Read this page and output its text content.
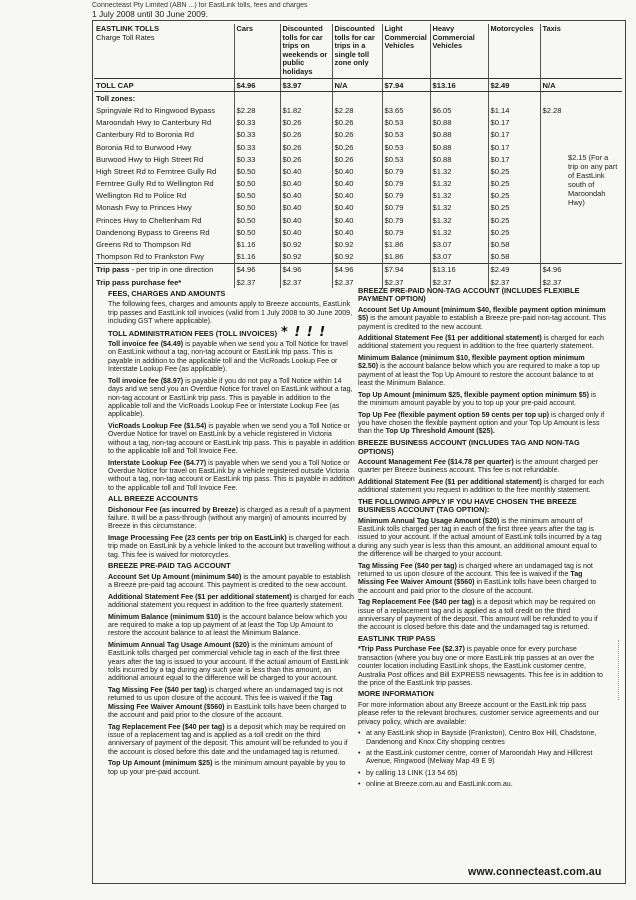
Connecteast Pty Limited (ABN ...) for EastLink tolls, fees and charges
1 July 2008 until 30 June 2009.
EASTLINK TOLLS
Charge Toll Rates	Cars	Discounted tolls for car trips on weekends or public holidays	Discounted tolls for car trips in a single toll zone only	Light Commercial Vehicles	Heavy Commercial Vehicles	Motorcycles	Taxis
TOLL CAP	$4.96	$3.97	N/A	$7.94	$13.16	$2.49	N/A
Toll zones:							
Springvale Rd to Ringwood Bypass	$2.28	$1.82	$2.28	$3.65	$6.05	$1.14	$2.28
Maroondah Hwy to Canterbury Rd	$0.33	$0.26	$0.26	$0.53	$0.88	$0.17	
Canterbury Rd to Boronia Rd	$0.33	$0.26	$0.26	$0.53	$0.88	$0.17	
Boronia Rd to Burwood Hwy	$0.33	$0.26	$0.26	$0.53	$0.88	$0.17	
Burwood Hwy to High Street Rd	$0.33	$0.26	$0.26	$0.53	$0.88	$0.17	
High Street Rd to Ferntree Gully Rd	$0.50	$0.40	$0.40	$0.79	$1.32	$0.25	
Ferntree Gully Rd to Wellington Rd	$0.50	$0.40	$0.40	$0.79	$1.32	$0.25	
Wellington Rd to Police Rd	$0.50	$0.40	$0.40	$0.79	$1.32	$0.25	
Monash Fwy to Princes Hwy	$0.50	$0.40	$0.40	$0.79	$1.32	$0.25	
Princes Hwy to Cheltenham Rd	$0.50	$0.40	$0.40	$0.79	$1.32	$0.25	
Dandenong Bypass to Greens Rd	$0.50	$0.40	$0.40	$0.79	$1.32	$0.25	
Greens Rd to Thompson Rd	$1.16	$0.92	$0.92	$1.86	$3.07	$0.58	
Thompson Rd to Frankston Fwy	$1.16	$0.92	$0.92	$1.86	$3.07	$0.58	
Trip pass - per trip in one direction	$4.96	$4.96	$4.96	$7.94	$13.16	$2.49	$4.96
Trip pass purchase fee*	$2.37	$2.37	$2.37	$2.37	$2.37	$2.37	$2.37
$2.15 (For a trip on any part of EastLink south of Maroondah Hwy)
FEES, CHARGES AND AMOUNTS

The following fees, charges and amounts apply to Breeze accounts, EastLink trip passes and EastLink toll invoices (valid from 1 July 2008 to 30 June 2009, including GST where applicable).

TOLL ADMINISTRATION FEES (TOLL INVOICES) * ! ! !

Toll invoice fee ($4.49) is payable when we send you a Toll Notice for travel on EastLink without a tag, non-tag account or EastLink trip pass. This is payable in addition to the applicable toll and the VicRoads Lookup Fee or Interstate Lookup Fee (as applicable).

Toll invoice fee ($8.97) is payable if you do not pay a Toll Notice within 14 days and we send you an Overdue Notice for travel on EastLink without a tag, non-tag account or EastLink trip pass. This is payable in addition to the applicable toll and the VicRoads Lookup Fee or Interstate Lookup Fee (as applicable).

VicRoads Lookup Fee ($1.54) is payable when we send you a Toll Notice or Overdue Notice for travel on EastLink by a vehicle registered in Victoria without a tag, non-tag account or EastLink trip pass. This is payable in addition to the applicable toll and Toll Invoice Fee.

Interstate Lookup Fee ($4.77) is payable when we send you a Toll Notice or Overdue Notice for travel on EastLink by a vehicle registered outside Victoria without a tag, non-tag account or EastLink trip pass. This is payable in addition to the applicable toll and Toll Invoice Fee.

ALL BREEZE ACCOUNTS

Dishonour Fee (as incurred by Breeze) is charged as a result of a payment failure. It will be a pass-through (without any margin) of amounts incurred by Breeze in this circumstance.

Image Processing Fee (23 cents per trip on EastLink) is charged for each trip made on EastLink by a vehicle linked to the account but travelling without a tag. This fee is waived for motorcycles.

BREEZE PRE-PAID TAG ACCOUNT

Account Set Up Amount (minimum $40) is the amount payable to establish a Breeze pre-paid tag account. This payment is credited to the new account.

Additional Statement Fee ($1 per additional statement) is charged for each additional statement you request in addition to the free quarterly statement.

Minimum Balance (minimum $10) is the account balance below which you are required to make a top up payment of at least the Top Up Amount to restore the account balance to at least the Minimum Balance.

Minimum Annual Tag Usage Amount ($20) is the minimum amount of EastLink tolls charged per commercial vehicle tag in each of the first three years after the tag is issued to your account. If the actual amount of EastLink tolls incurred by a tag during any such year is less than this amount, an additional amount equal to the difference will be charged to your account.

Tag Missing Fee ($40 per tag) is charged where an undamaged tag is not returned to us upon closure of the account. This fee is waived if the Tag Missing Fee Waiver Amount ($560) in EastLink tolls have been charged to the account and paid prior to the closure of the account.

Tag Replacement Fee ($40 per tag) is a deposit which may be required on issue of a replacement tag and is applied as a toll credit on the third anniversary of payment of the deposit. This amount will be refunded to you if the account is closed before this date and the undamaged tag is returned.

Top Up Amount (minimum $25) is the minimum amount payable by you to top up your pre-paid account.

BREEZE PRE-PAID NON-TAG ACCOUNT (INCLUDES FLEXIBLE PAYMENT OPTION)

Account Set Up Amount (minimum $40, flexible payment option minimum $5) is the amount payable to establish a Breeze pre-paid non-tag account. This payment is credited to the new account.

Additional Statement Fee ($1 per additional statement) is charged for each additional statement you request in addition to the free quarterly statement.

Minimum Balance (minimum $10, flexible payment option minimum $2.50) is the account balance below which you are required to make a top up payment of at least the Top Up Amount to restore the account balance to at least the Minimum Balance.

Top Up Amount (minimum $25, flexible payment option minimum $5) is the minimum amount payable by you to top up your pre-paid account.

Top Up Fee (flexible payment option 59 cents per top up) is charged only if you have chosen the flexible payment option and your Top Up Amount is less than the Top Up Threshold Amount ($25).

BREEZE BUSINESS ACCOUNT (INCLUDES TAG AND NON-TAG OPTIONS)

Account Management Fee ($14.78 per quarter) is the amount charged per quarter per Breeze business account. This fee is not refundable.

Additional Statement Fee ($1 per additional statement) is charged for each additional statement you request in addition to the free monthly statement.

THE FOLLOWING APPLY IF YOU HAVE CHOSEN THE BREEZE BUSINESS ACCOUNT (TAG OPTION):

Minimum Annual Tag Usage Amount ($20) is the minimum amount of EastLink tolls charged per tag in each of the first three years after the tag is issued to your account. If the actual amount of EastLink tolls incurred by a tag during any such year is less than this amount, an additional amount equal to the difference will be charged to your account.

Tag Missing Fee ($40 per tag) is charged where an undamaged tag is not returned to us upon closure of the account. This fee is waived if the Tag Missing Fee Waiver Amount ($560) in EastLink tolls have been charged to the account and paid prior to the closure of the account.

Tag Replacement Fee ($40 per tag) is a deposit which may be required on issue of a replacement tag and is applied as a toll credit on the third anniversary of payment of the deposit. This amount will be refunded to you if the account is closed before this date and the undamaged tag is returned.

EASTLINK TRIP PASS

*Trip Pass Purchase Fee ($2.37) is payable once for every purchase transaction (where you buy one or more EastLink trip passes at an over the counter location including EastLink shops, the EastLink customer centre, Australia Post offices and Bill EXPRESS newsagents. This fee is in addition to the price of the EastLink trip passes.

MORE INFORMATION

For more information about any Breeze account or the EastLink trip pass please refer to the relevant brochures, customer service agreements and our privacy policy, which are available:

• at any EastLink shop in Bayside (Frankston), Centro Box Hill, Chadstone, Dandenong and Knox City shopping centres
• at the EastLink customer centre, corner of Maroondah Hwy and Hillcrest Avenue, Ringwood (Melway Map 49 E 9)
• by calling 13 LINK (13 54 65)
• online at Breeze.com.au and EastLink.com.au.
www.connecteast.com.au
